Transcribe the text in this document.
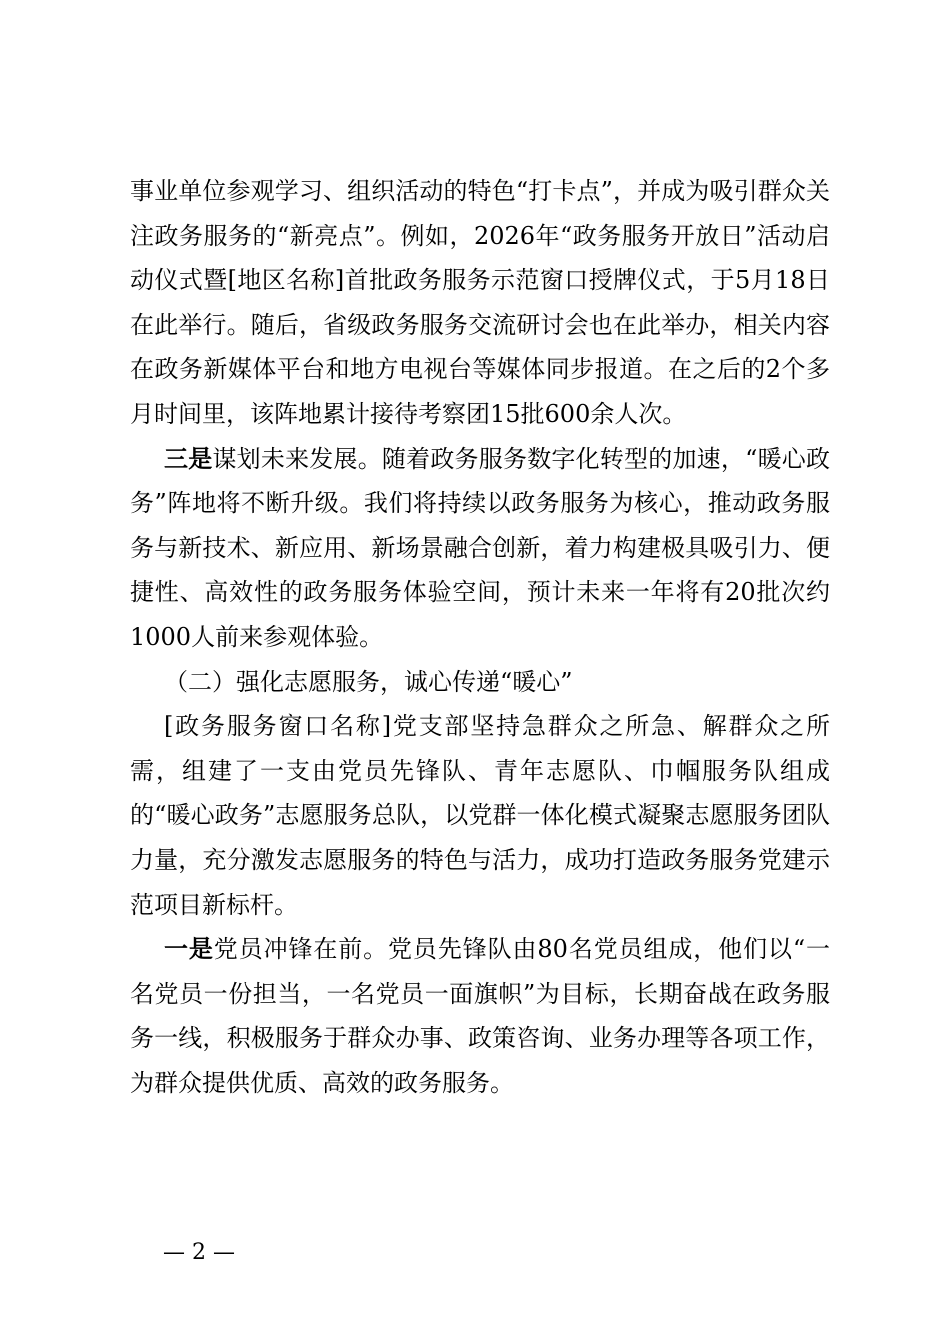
事业单位参观学习、组织活动的特色“打卡点”，并成为吸引群众关注政务服务的“新亮点”。例如，2026年“政务服务开放日”活动启动仪式暨[地区名称]首批政务服务示范窗口授牌仪式，于5月18日在此举行。随后，省级政务服务交流研讨会也在此举办，相关内容在政务新媒体平台和地方电视台等媒体同步报道。在之后的2个多月时间里，该阵地累计接待考察团15批600余人次。

三是谋划未来发展。随着政务服务数字化转型的加速，“暖心政务”阵地将不断升级。我们将持续以政务服务为核心，推动政务服务与新技术、新应用、新场景融合创新，着力构建极具吸引力、便捷性、高效性的政务服务体验空间，预计未来一年将有20批次约1000人前来参观体验。

（二）强化志愿服务，诚心传递“暖心”

[政务服务窗口名称]党支部坚持急群众之所急、解群众之所需，组建了一支由党员先锋队、青年志愿队、巾帼服务队组成的“暖心政务”志愿服务总队，以党群一体化模式凝聚志愿服务团队力量，充分激发志愿服务的特色与活力，成功打造政务服务党建示范项目新标杆。

一是党员冲锋在前。党员先锋队由80名党员组成，他们以“一名党员一份担当，一名党员一面旗帜”为目标，长期奋战在政务服务一线，积极服务于群众办事、政策咨询、业务办理等各项工作，为群众提供优质、高效的政务服务。

— 2 —
